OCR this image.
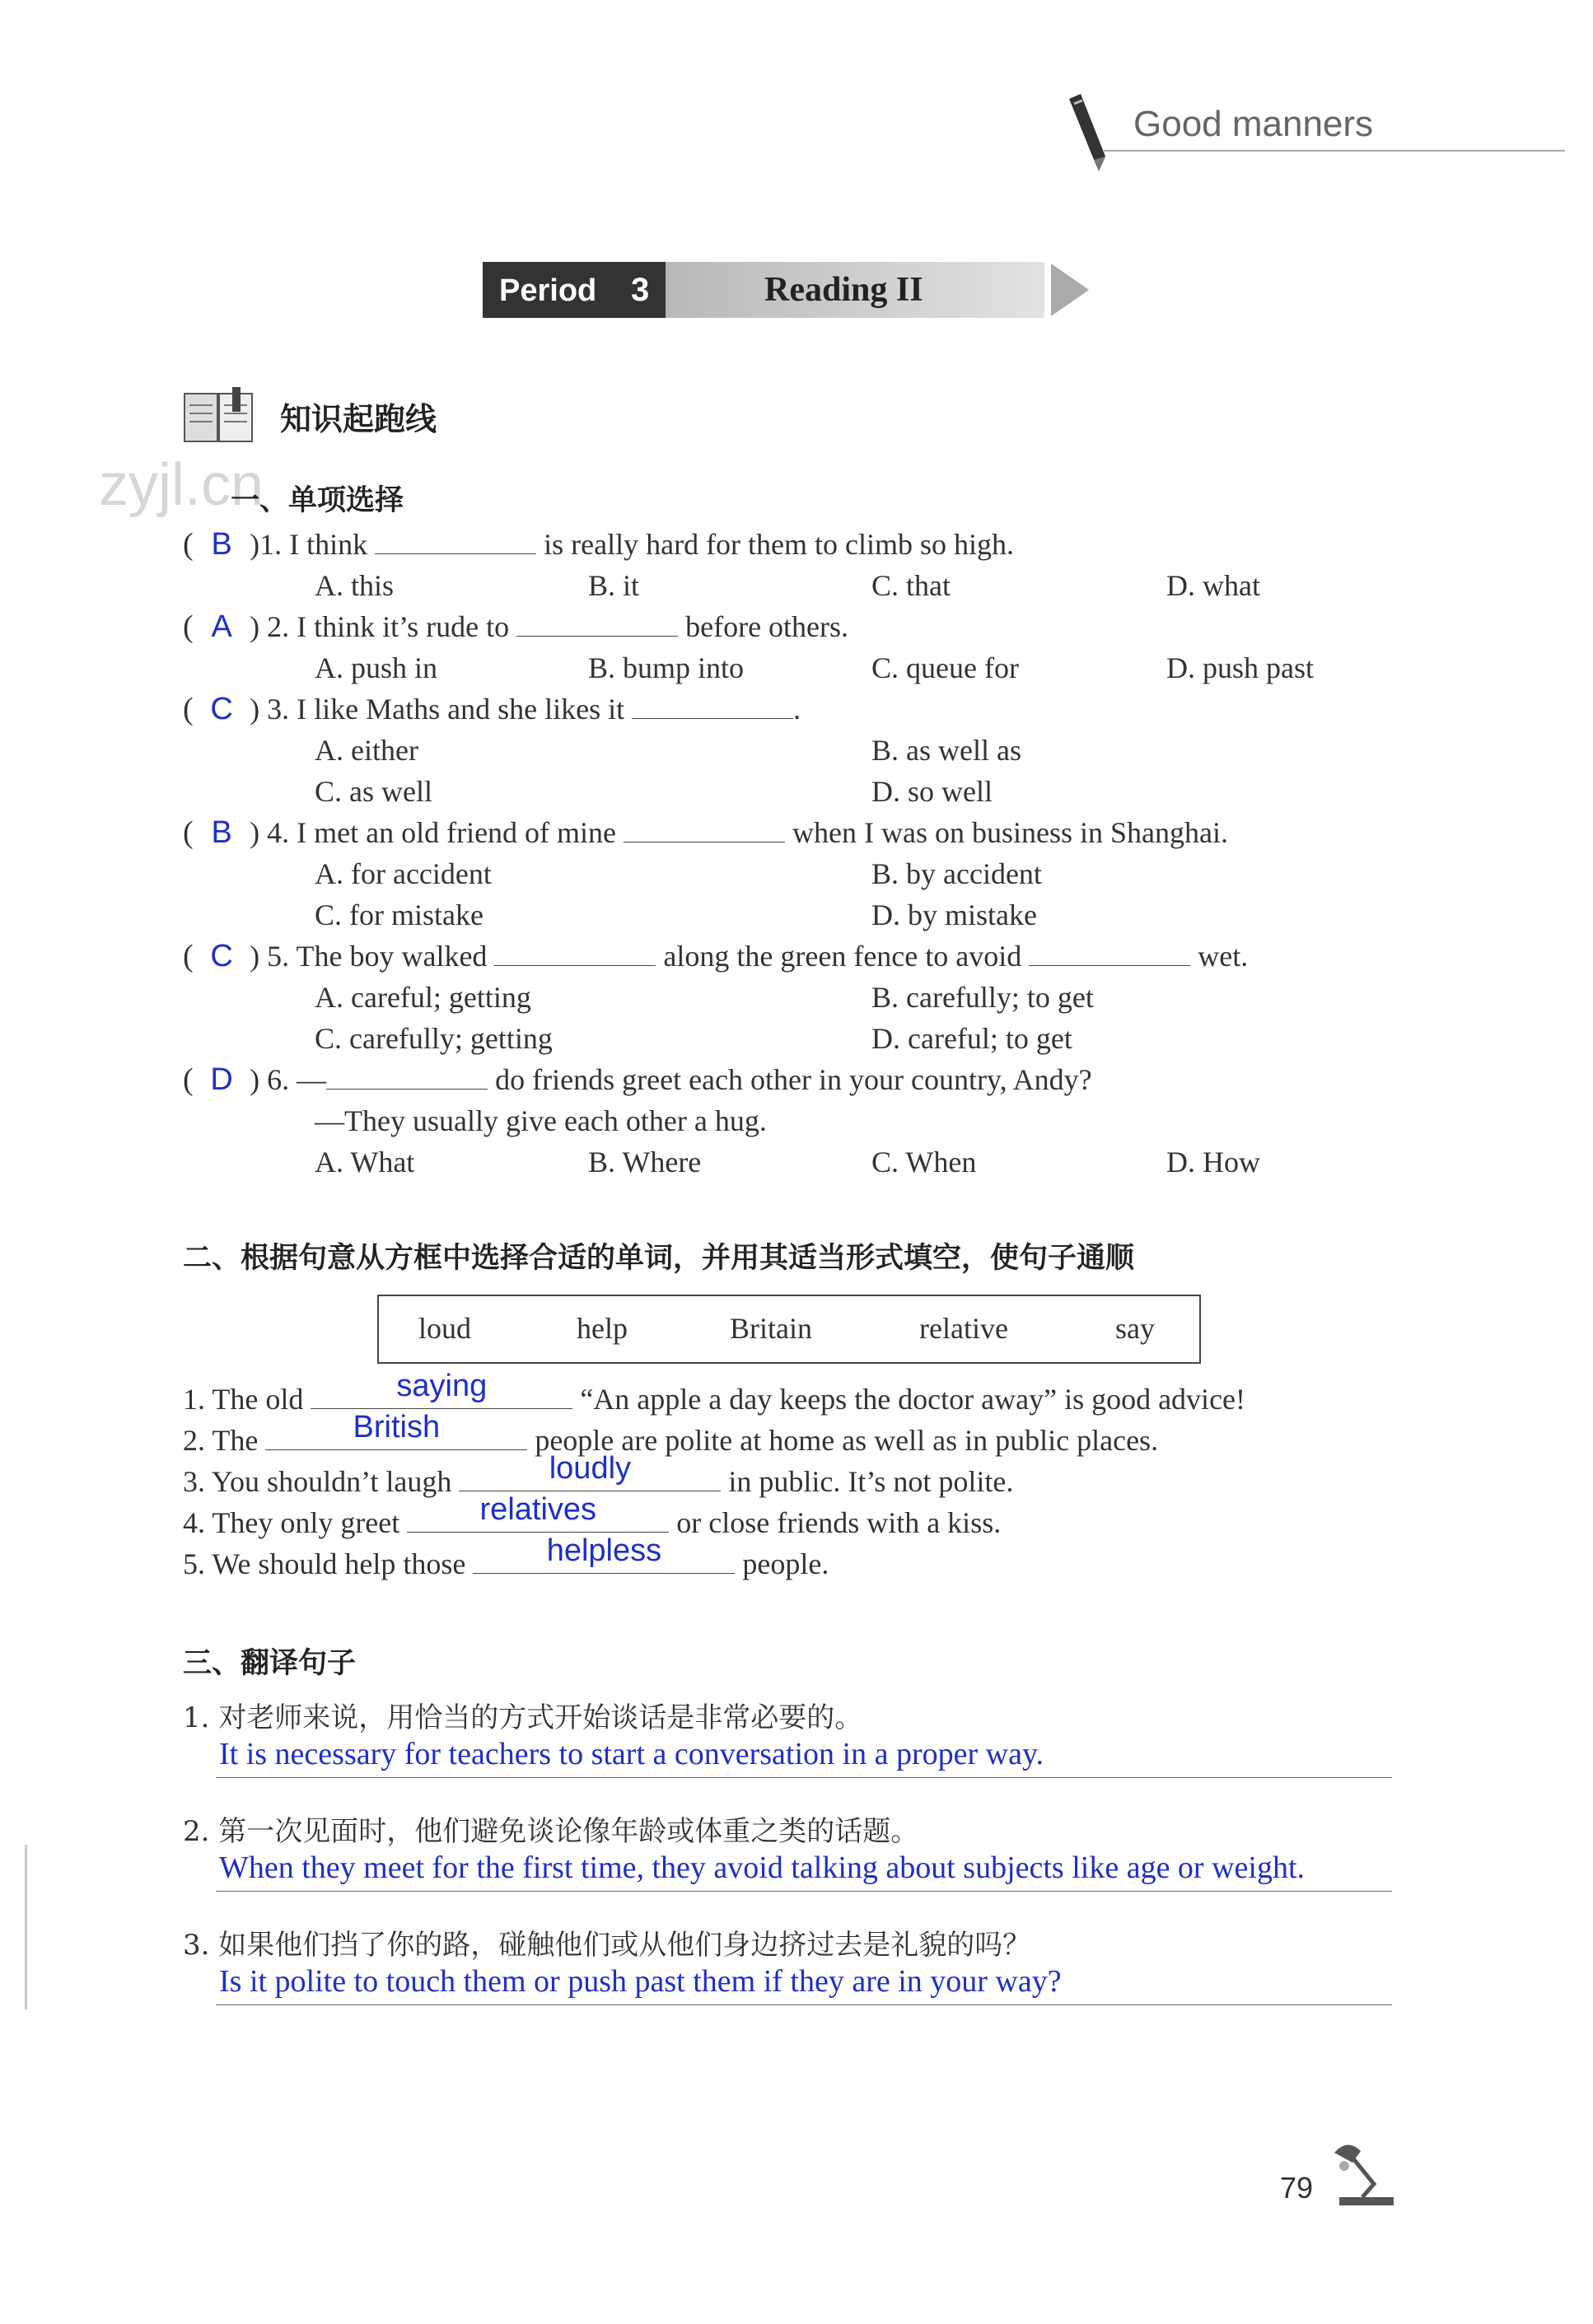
Good manners
Period 3	Reading II
知识起跑线
zyjl.cn
一、单项选择
( B )1. I think	is really hard for them to climb so high.
A. this	B. it	C. that	D. what
( A ) 2. I think it’s rude to	before others.
A. push in	B. bump into	C. queue for	D. push past
( C ) 3. I like Maths and she likes it	.
A. either	B. as well as
C. as well	D. so well
( B ) 4. I met an old friend of mine	when I was on business in Shanghai.
A. for accident	B. by accident
C. for mistake	D. by mistake
( C ) 5. The boy walked	along the green fence to avoid	wet.
A. careful; getting	B. carefully; to get
C. carefully; getting	D. careful; to get
( D ) 6. —	do friends greet each other in your country, Andy?
—They usually give each other a hug.
A. What	B. Where	C. When	D. How
二、根据句意从方框中选择合适的单词，并用其适当形式填空，使句子通顺
loud	help	Britain	relative	say
1. The old	saying	“An apple a day keeps the doctor away” is good advice!
2. The	British	people are polite at home as well as in public places.
3. You shouldn’t laugh	loudly	in public. It’s not polite.
4. They only greet	relatives	or close friends with a kiss.
5. We should help those	helpless	people.
三、翻译句子
1. 对老师来说，用恰当的方式开始谈话是非常必要的。
It is necessary for teachers to start a conversation in a proper way.
2. 第一次见面时，他们避免谈论像年龄或体重之类的话题。
When they meet for the first time, they avoid talking about subjects like age or weight.
3. 如果他们挡了你的路，碰触他们或从他们身边挤过去是礼貌的吗？
Is it polite to touch them or push past them if they are in your way?
79
